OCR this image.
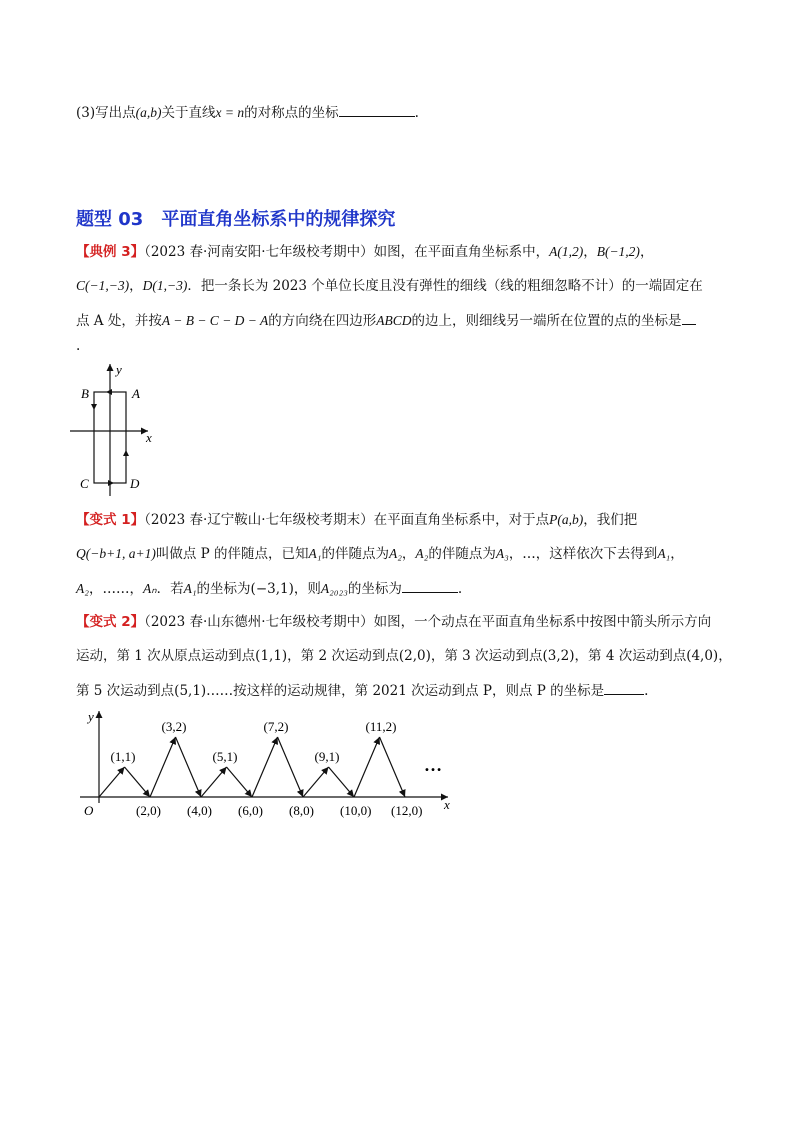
(3)写出点(a,b)关于直线x = n的对称点的坐标	.
题型 03　平面直角坐标系中的规律探究
【典例 3】（2023 春·河南安阳·七年级校考期中）如图，在平面直角坐标系中，A(1,2)，B(−1,2)，
C(−1,−3)，D(1,−3)．把一条长为 2023 个单位长度且没有弹性的细线（线的粗细忽略不计）的一端固定在
点 A 处，并按A − B − C − D − A的方向绕在四边形ABCD的边上，则细线另一端所在位置的点的坐标是
.
y
x
B	A
C	D
【变式 1】（2023 春·辽宁鞍山·七年级校考期末）在平面直角坐标系中，对于点P(a,b)，我们把
Q(−b+1, a+1)叫做点 P 的伴随点，已知A₁的伴随点为A₂，A₂的伴随点为A₃，…，这样依次下去得到A₁，
A₂，……，Aₙ．若A₁的坐标为(−3,1)，则A₂₀₂₃的坐标为	.
【变式 2】（2023 春·山东德州·七年级校考期中）如图，一个动点在平面直角坐标系中按图中箭头所示方向
运动，第 1 次从原点运动到点(1,1)，第 2 次运动到点(2,0)，第 3 次运动到点(3,2)，第 4 次运动到点(4,0)，
第 5 次运动到点(5,1)……按这样的运动规律，第 2021 次运动到点 P，则点 P 的坐标是	.
y
x
O
…
(1,1)
(3,2)
(5,1)
(7,2)
(9,1)
(11,2)
(2,0) (4,0) (6,0) (8,0) (10,0) (12,0)
